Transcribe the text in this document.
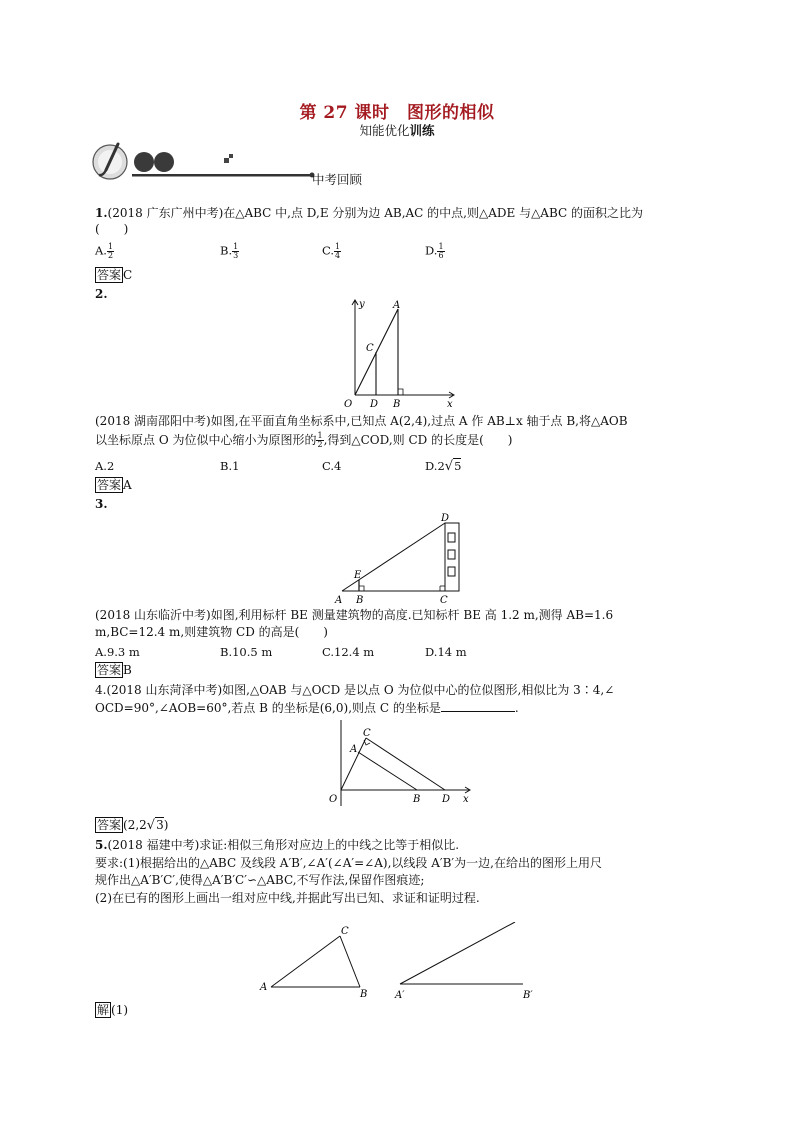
第 27 课时　图形的相似
知能优化训练
中考回顾
1.(2018 广东广州中考)在△ABC 中,点 D,E 分别为边 AB,AC 的中点,则△ADE 与△ABC 的面积之比为
(　　)
A. $\frac{1}{2}$	B. $\frac{1}{3}$	C. $\frac{1}{4}$	D. $\frac{1}{6}$
答案 C
2.
y
x
O D B
C
A
(2018 湖南邵阳中考)如图,在平面直角坐标系中,已知点 A(2,4),过点 A 作 AB⊥x 轴于点 B,将△AOB
以坐标原点 O 为位似中心缩小为原图形的 $\frac{1}{2}$ ,得到△COD,则 CD 的长度是(　　)
A.2	B.1	C.4	D.2√5
答案 A
3.
D
E
A B	C
(2018 山东临沂中考)如图,利用标杆 BE 测量建筑物的高度.已知标杆 BE 高 1.2 m,测得 AB=1.6
m,BC=12.4 m,则建筑物 CD 的高是(　　)
A.9.3 m	B.10.5 m	C.12.4 m	D.14 m
答案 B
4.(2018 山东菏泽中考)如图,△OAB 与△OCD 是以点 O 为位似中心的位似图形,相似比为 3∶4,∠
OCD=90°,∠AOB=60°,若点 B 的坐标是(6,0),则点 C 的坐标是	.
C
A
O	B D x
答案 (2,2√3)
5.(2018 福建中考)求证:相似三角形对应边上的中线之比等于相似比.
要求:(1)根据给出的△ABC 及线段 A′B′,∠A′(∠A′=∠A),以线段 A′B′为一边,在给出的图形上用尺
规作出△A′B′C′,使得△A′B′C′∽△ABC,不写作法,保留作图痕迹;
(2)在已有的图形上画出一组对应中线,并据此写出已知、求证和证明过程.
C
A
B	A′	B′
解 (1)
